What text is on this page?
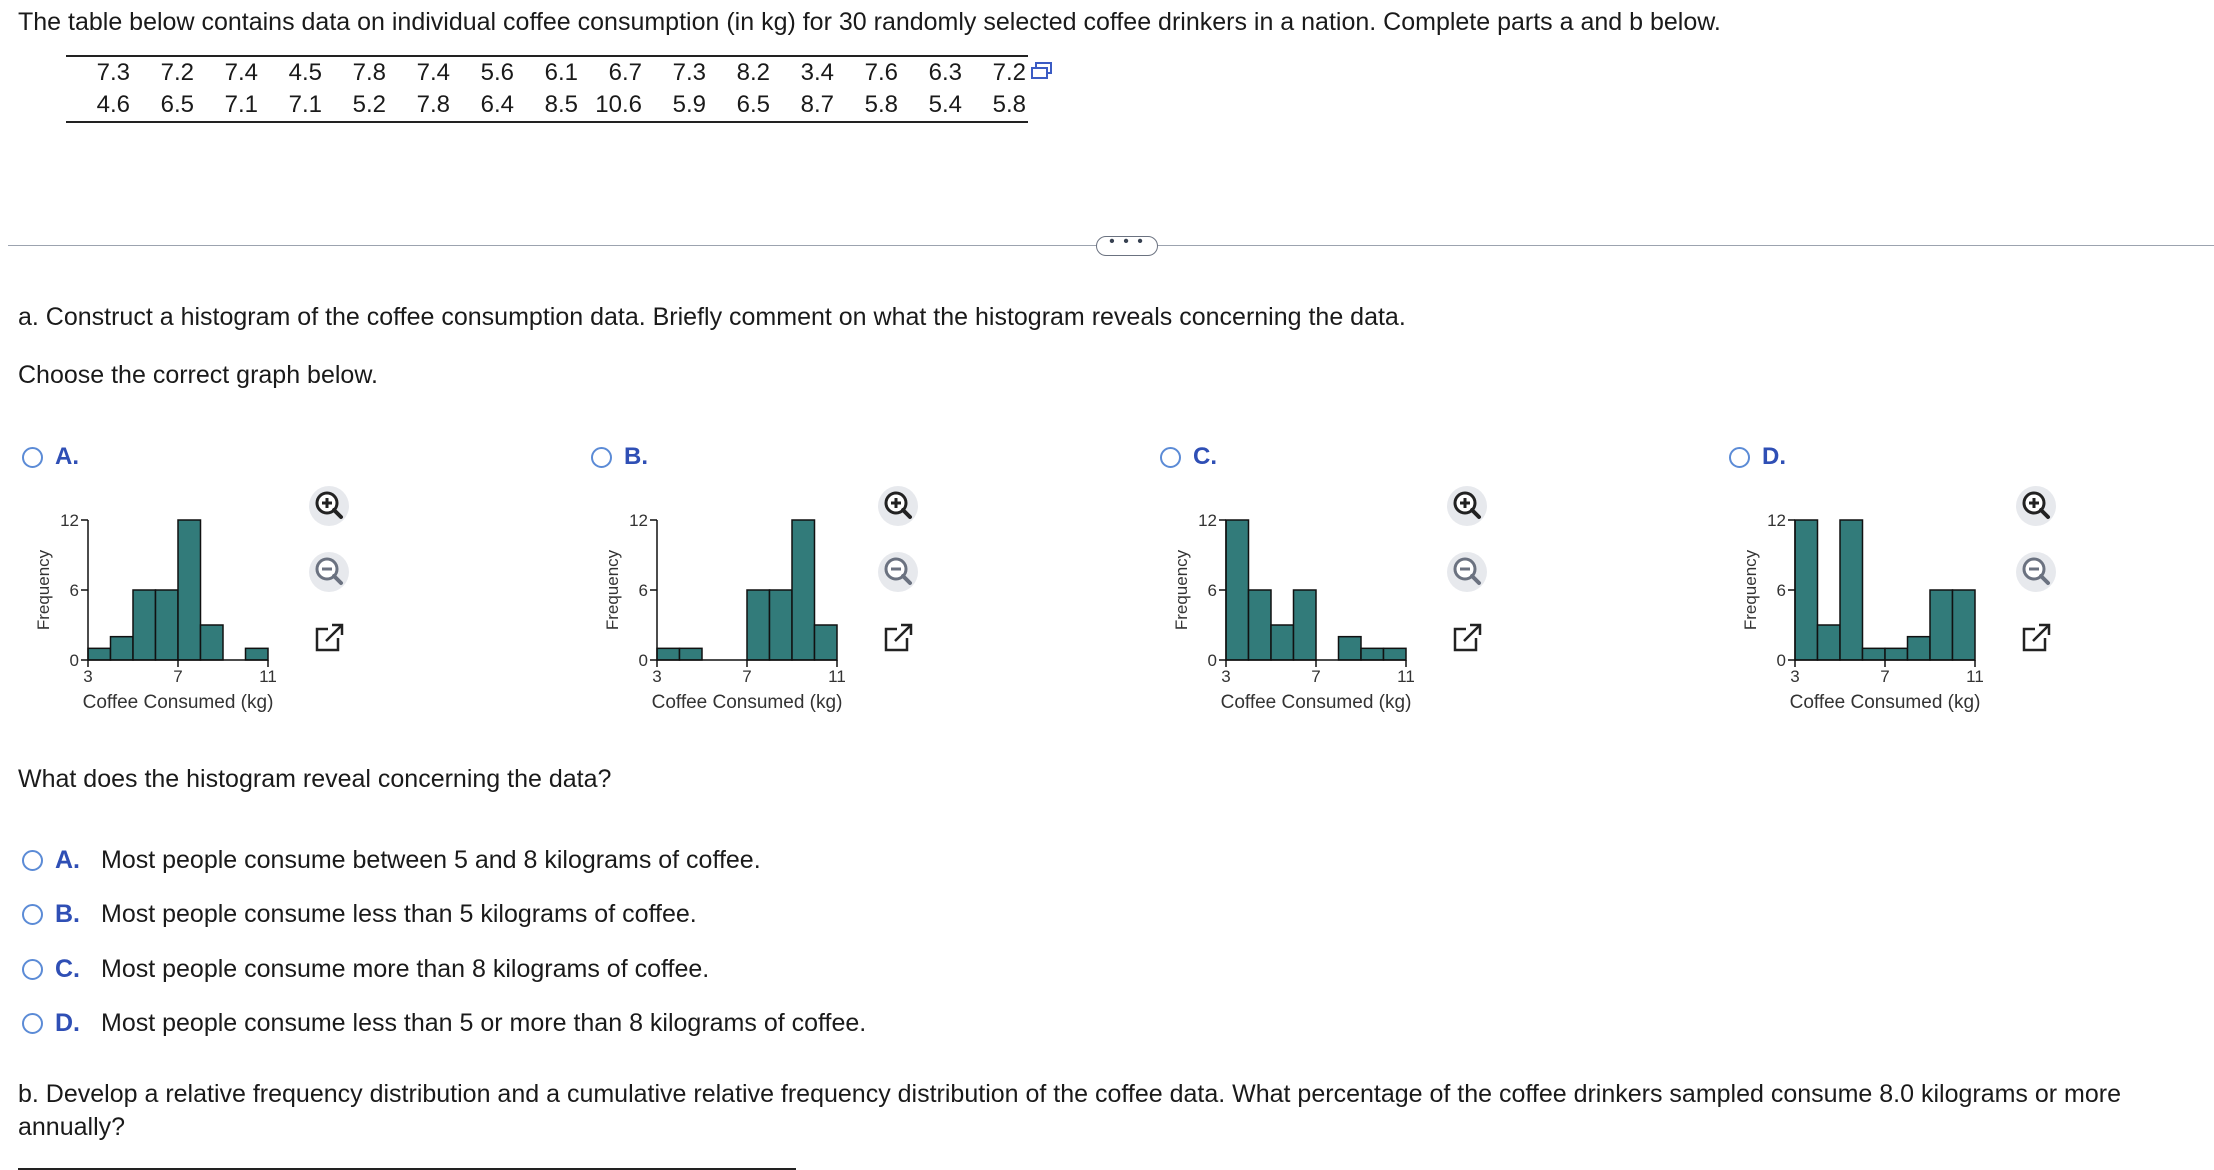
The table below contains data on individual coffee consumption (in kg) for 30 randomly selected coffee drinkers in a nation. Complete parts a and b below.
7.3	7.2	7.4	4.5	7.8	7.4	5.6	6.1	6.7	7.3	8.2	3.4	7.6	6.3	7.2
4.6	6.5	7.1	7.1	5.2	7.8	6.4	8.5	10.6	5.9	6.5	8.7	5.8	5.4	5.8
• • •
a. Construct a histogram of the coffee consumption data. Briefly comment on what the histogram reveals concerning the data.
Choose the correct graph below.
A.
0
6
12
3	7	11
Coffee Consumed (kg)
Frequency
B.
0
6
12
3	7	11
Coffee Consumed (kg)
Frequency
C.
0
6
12
3	7	11
Coffee Consumed (kg)
Frequency
D.
0
6
12
3	7	11
Coffee Consumed (kg)
Frequency
What does the histogram reveal concerning the data?
A. Most people consume between 5 and 8 kilograms of coffee.
B. Most people consume less than 5 kilograms of coffee.
C. Most people consume more than 8 kilograms of coffee.
D. Most people consume less than 5 or more than 8 kilograms of coffee.
b. Develop a relative frequency distribution and a cumulative relative frequency distribution of the coffee data. What percentage of the coffee drinkers sampled consume 8.0 kilograms or more annually?
